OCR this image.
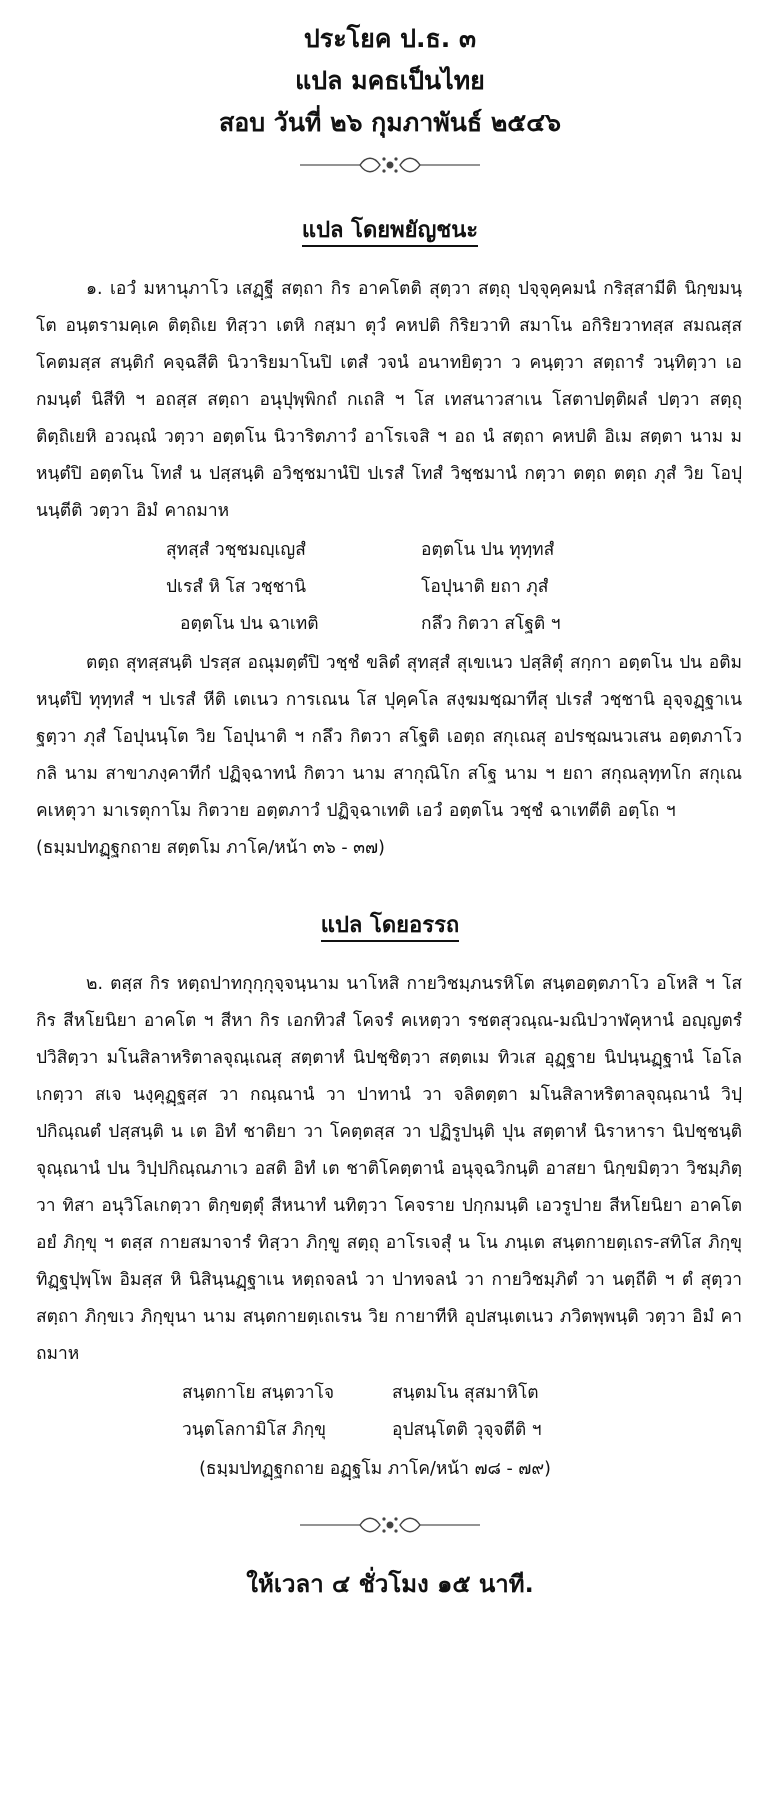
ประโยค ป.ธ. ๓
แปล มคธเป็นไทย
สอบ วันที่ ๒๖ กุมภาพันธ์ ๒๕๔๖
แปล โดยพยัญชนะ
๑. เอวํ มหานุภาโว เสฏฺฐี สตฺถา กิร อาคโตติ สุตฺวา สตฺถุ ปจฺจุคฺคมนํ กริสฺสามีติ นิกฺขมนฺโต อนฺตรามคฺเค ติตฺถิเย ทิสฺวา เตหิ กสฺมา ตุวํ คหปติ กิริยวาทิ สมาโน อกิริยวาทสฺส สมณสฺส โคตมสฺส สนฺติกํ คจฺฉสีติ นิวาริยมาโนปิ เตสํ วจนํ อนาทยิตฺวา ว คนฺตฺวา สตฺถารํ วนฺทิตฺวา เอกมนฺตํ นิสีทิ ฯ อถสฺส สตฺถา อนุปุพฺพิกถํ กเถสิ ฯ โส เทสนาวสาเน โสตาปตฺติผลํ ปตฺวา สตฺถุ ติตฺถิเยหิ อวณฺณํ วตฺวา อตฺตโน นิวาริตภาวํ อาโรเจสิ ฯ อถ นํ สตฺถา คหปติ อิเม สตฺตา นาม มหนฺตํปิ อตฺตโน โทสํ น ปสฺสนฺติ อวิชฺชมานํปิ ปเรสํ โทสํ วิชฺชมานํ กตฺวา ตตฺถ ตตฺถ ภุสํ วิย โอปุนนฺตีติ วตฺวา อิมํ คาถมาห
สุทสฺสํ วชฺชมญฺเญสํ	อตฺตโน ปน ทุทฺทสํ
ปเรสํ หิ โส วชฺชานิ	โอปุนาติ ยถา ภุสํ
อตฺตโน ปน ฉาเทติ	กลึว กิตวา สโฐติ ฯ
ตตฺถ สุทสฺสนฺติ ปรสฺส อณุมตฺตํปิ วชฺชํ ขลิตํ สุทสฺสํ สุเขเนว ปสฺสิตุํ สกฺกา อตฺตโน ปน อติมหนฺตํปิ ทุทฺทสํ ฯ ปเรสํ หีติ เตเนว การเณน โส ปุคฺคโล สงฺฆมชฺฌาทีสุ ปเรสํ วชฺชานิ อุจฺจฏฺฐาเน ฐตฺวา ภุสํ โอปุนนฺโต วิย โอปุนาติ ฯ กลึว กิตวา สโฐติ เอตฺถ สกุเณสุ อปรชฺฌนวเสน อตฺตภาโว กลิ นาม สาขาภงฺคาทีกํ ปฏิจฺฉาทนํ กิตวา นาม สากุณิโก สโฐ นาม ฯ ยถา สกุณลุทฺทโก สกุเณ คเหตุวา มาเรตุกาโม กิตวาย อตฺตภาวํ ปฏิจฺฉาเทติ เอวํ อตฺตโน วชฺชํ ฉาเทตีติ อตฺโถ ฯ
(ธมฺมปทฏฺฐกถาย สตฺตโม ภาโค/หน้า ๓๖ - ๓๗)
แปล โดยอรรถ
๒. ตสฺส กิร หตฺถปาทกุกฺกุจฺจนฺนาม นาโหสิ กายวิชมฺภนรหิโต สนฺตอตฺตภาโว อโหสิ ฯ โส กิร สีหโยนิยา อาคโต ฯ สีหา กิร เอกทิวสํ โคจรํ คเหตฺวา รชตสุวณฺณ-มณิปวาฬคุหานํ อญฺญตรํ ปวิสิตฺวา มโนสิลาหริตาลจุณฺเณสุ สตฺตาหํ นิปชฺชิตฺวา สตฺตเม ทิวเส อุฏฺฐาย นิปนฺนฏฺฐานํ โอโลเกตฺวา สเจ นงฺคุฏฺฐสฺส วา กณฺณานํ วา ปาทานํ วา จลิตตฺตา มโนสิลาหริตาลจุณฺณานํ วิปฺปกิณฺณตํ ปสฺสนฺติ น เต อิทํ ชาติยา วา โคตฺตสฺส วา ปฏิรูปนฺติ ปุน สตฺตาหํ นิราหารา นิปชฺชนฺติ จุณฺณานํ ปน วิปฺปกิณฺณภาเว อสติ อิทํ เต ชาติโคตฺตานํ อนุจฺฉวิกนฺติ อาสยา นิกฺขมิตฺวา วิชมฺภิตฺวา ทิสา อนุวิโลเกตฺวา ติกฺขตฺตุํ สีหนาทํ นทิตฺวา โคจราย ปกฺกมนฺติ เอวรูปาย สีหโยนิยา อาคโต อยํ ภิกฺขุ ฯ ตสฺส กายสมาจารํ ทิสฺวา ภิกฺขู สตฺถุ อาโรเจสุํ น โน ภนฺเต สนฺตกายตฺเถร-สทิโส ภิกฺขุ ทิฏฺฐปุพฺโพ อิมสฺส หิ นิสินฺนฏฺฐาเน หตฺถจลนํ วา ปาทจลนํ วา กายวิชมฺภิตํ วา นตฺถีติ ฯ ตํ สุตฺวา สตฺถา ภิกฺขเว ภิกฺขุนา นาม สนฺตกายตฺเถเรน วิย กายาทีหิ อุปสนฺเตเนว ภวิตพฺพนฺติ วตฺวา อิมํ คาถมาห
สนฺตกาโย สนฺตวาโจ	สนฺตมโน สุสมาหิโต
วนฺตโลกามิโส ภิกฺขุ	อุปสนฺโตติ วุจฺจตีติ ฯ
(ธมฺมปทฏฺฐกถาย อฏฺฐโม ภาโค/หน้า ๗๘ - ๗๙)
ให้เวลา ๔ ชั่วโมง ๑๕ นาที.
